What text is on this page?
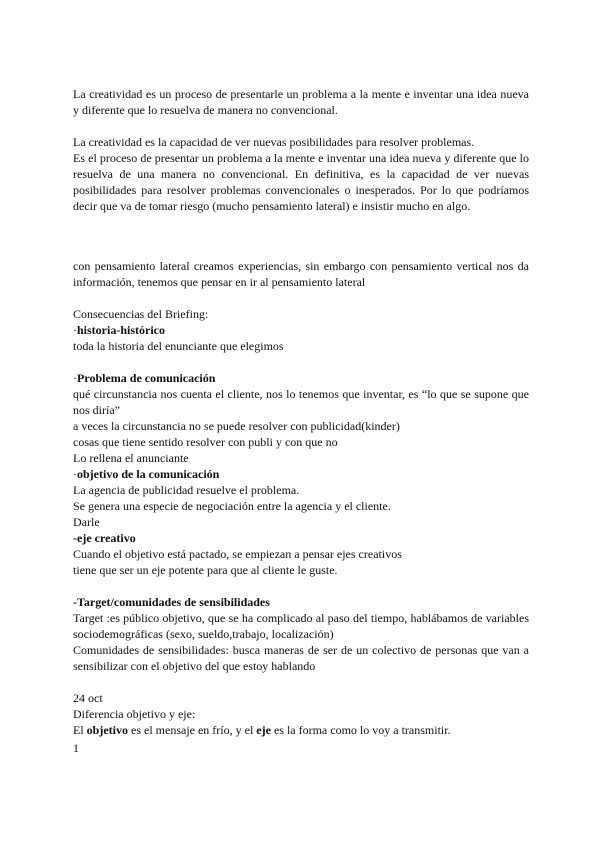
La creatividad es un proceso de presentarle un problema a la mente e inventar una idea nueva y diferente que lo resuelva de manera no convencional.

La creatividad es la capacidad de ver nuevas posibilidades para resolver problemas.

Es el proceso de presentar un problema a la mente e inventar una idea nueva y diferente que lo resuelva de una manera no convencional. En definitiva, es la capacidad de ver nuevas posibilidades para resolver problemas convencionales o inesperados. Por lo que podríamos decir que va de tomar riesgo (mucho pensamiento lateral) e insistir mucho en algo.

con pensamiento lateral creamos experiencias, sin embargo con pensamiento vertical nos da información, tenemos que pensar en ir al pensamiento lateral

Consecuencias del Briefing:

·historia-histórico

toda la historia del enunciante que elegimos

·Problema de comunicación

qué circunstancia nos cuenta el cliente, nos lo tenemos que inventar, es “lo que se supone que nos diría”

a veces la circunstancia no se puede resolver con publicidad(kinder)

cosas que tiene sentido resolver con publi y con que no

Lo rellena el anunciante

·objetivo de la comunicación

La agencia de publicidad resuelve el problema.

Se genera una especie de negociación entre la agencia y el cliente.

Darle

-eje creativo

Cuando el objetivo está pactado, se empiezan a pensar ejes creativos

tiene que ser un eje potente para que al cliente le guste.

-Target/comunidades de sensibilidades

Target :es público objetivo, que se ha complicado al paso del tiempo, hablábamos de variables sociodemográficas (sexo, sueldo,trabajo, localización)

Comunidades de sensibilidades: busca maneras de ser de un colectivo de personas que van a sensibilizar con el objetivo del que estoy hablando

24 oct

Diferencia objetivo y eje:

El objetivo es el mensaje en frío, y el eje es la forma como lo voy a transmitir.

1
